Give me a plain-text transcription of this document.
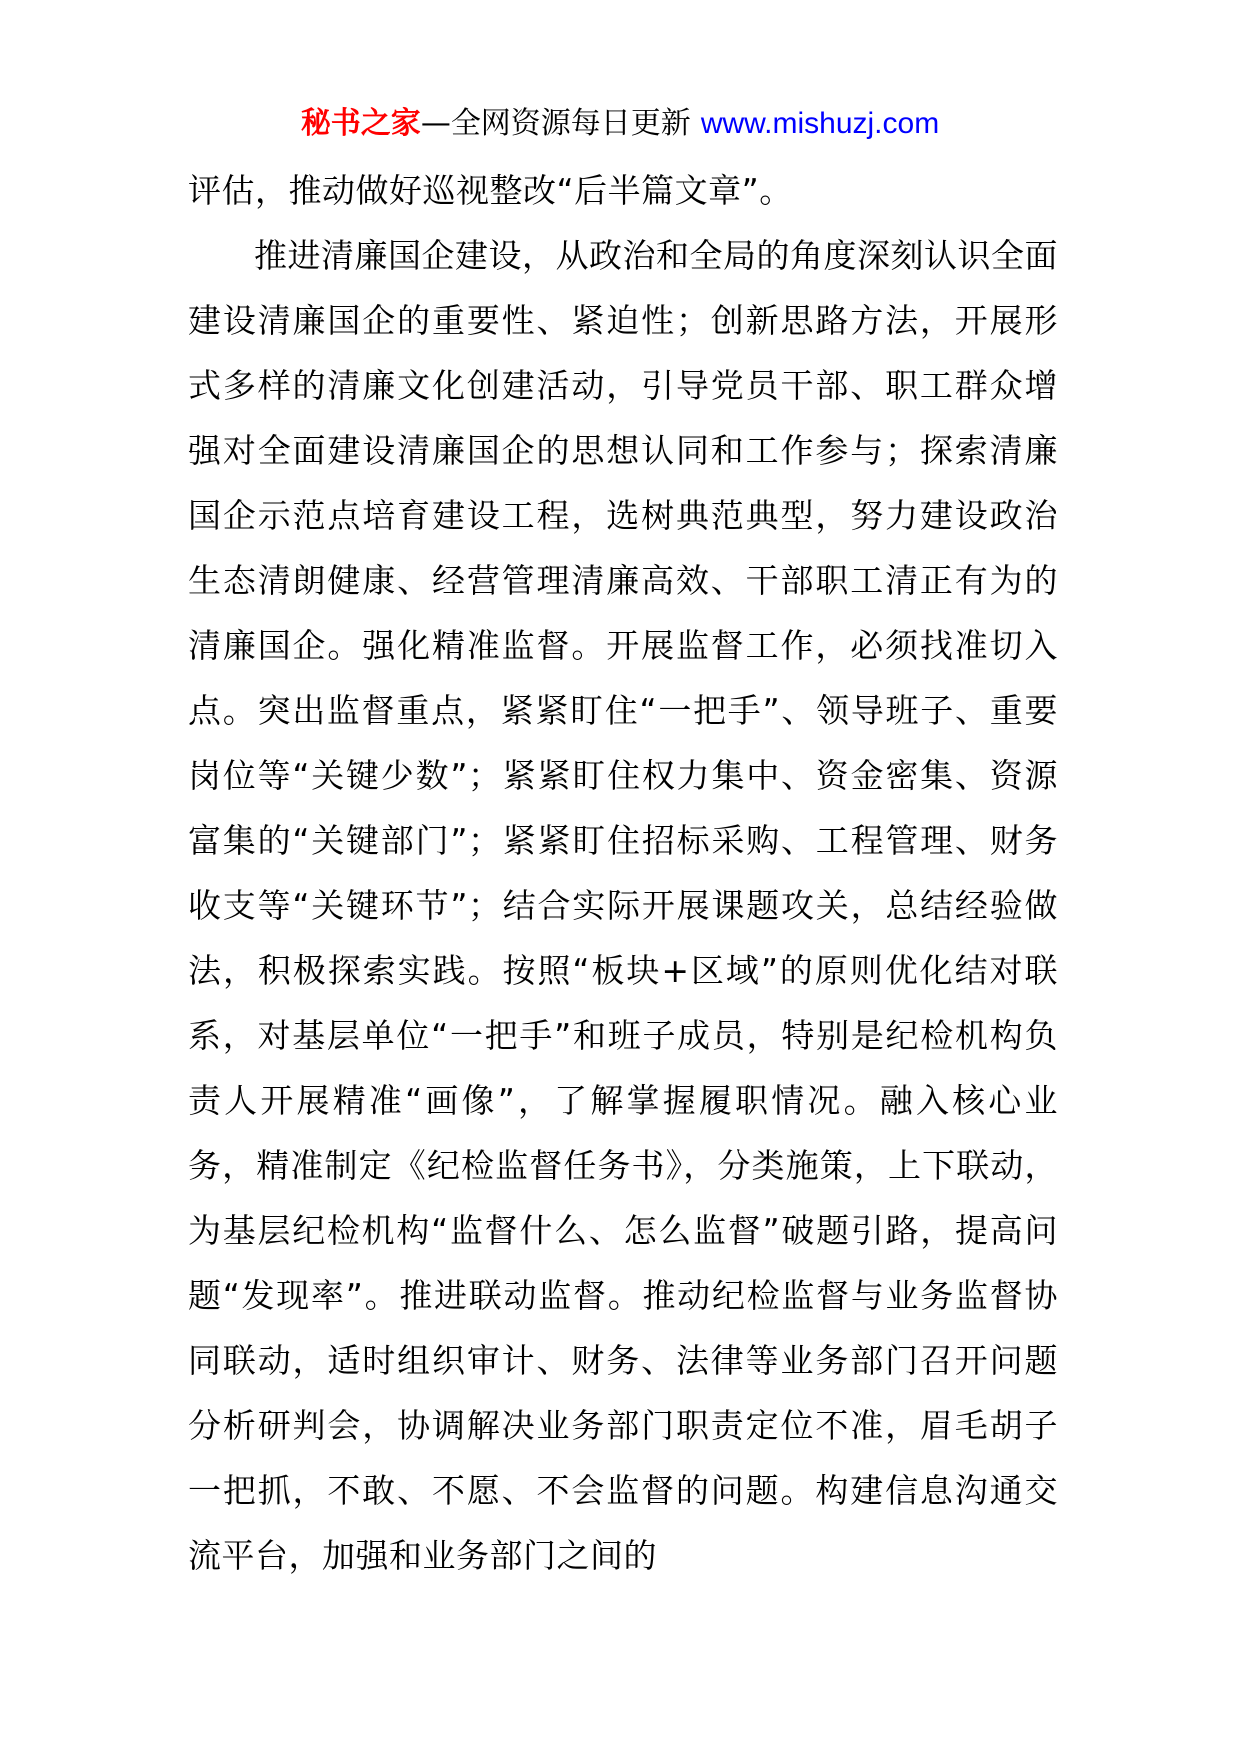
秘书之家—全网资源每日更新 www.mishuzj.com

评估，推动做好巡视整改“后半篇文章”。

推进清廉国企建设，从政治和全局的角度深刻认识全面建设清廉国企的重要性、紧迫性；创新思路方法，开展形式多样的清廉文化创建活动，引导党员干部、职工群众增强对全面建设清廉国企的思想认同和工作参与；探索清廉国企示范点培育建设工程，选树典范典型，努力建设政治生态清朗健康、经营管理清廉高效、干部职工清正有为的清廉国企。强化精准监督。开展监督工作，必须找准切入点。突出监督重点，紧紧盯住“一把手”、领导班子、重要岗位等“关键少数”；紧紧盯住权力集中、资金密集、资源富集的“关键部门”；紧紧盯住招标采购、工程管理、财务收支等“关键环节”；结合实际开展课题攻关，总结经验做法，积极探索实践。按照“板块+区域”的原则优化结对联系，对基层单位“一把手”和班子成员，特别是纪检机构负责人开展精准“画像”，了解掌握履职情况。融入核心业务，精准制定《纪检监督任务书》，分类施策，上下联动，为基层纪检机构“监督什么、怎么监督”破题引路，提高问题“发现率”。推进联动监督。推动纪检监督与业务监督协同联动，适时组织审计、财务、法律等业务部门召开问题分析研判会，协调解决业务部门职责定位不准，眉毛胡子一把抓，不敢、不愿、不会监督的问题。构建信息沟通交流平台，加强和业务部门之间的
